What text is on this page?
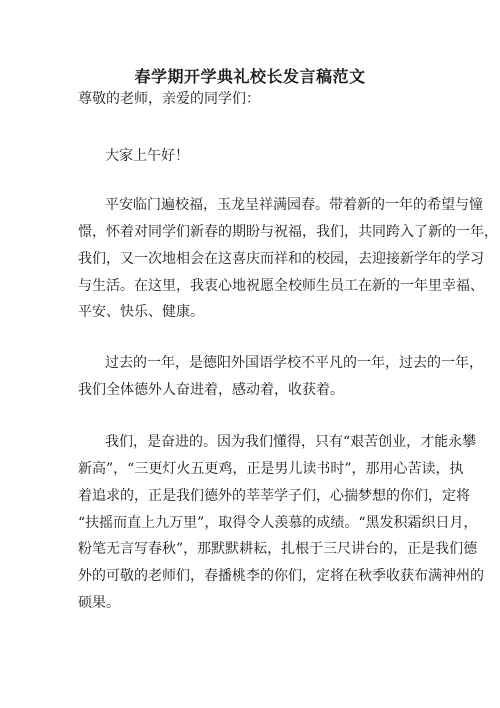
春学期开学典礼校长发言稿范文
尊敬的老师，亲爱的同学们：
大家上午好！
平安临门遍校福，玉龙呈祥满园春。带着新的一年的希望与憧
憬，怀着对同学们新春的期盼与祝福，我们，共同跨入了新的一年，
我们，又一次地相会在这喜庆而祥和的校园，去迎接新学年的学习
与生活。在这里，我衷心地祝愿全校师生员工在新的一年里幸福、
平安、快乐、健康。
过去的一年，是德阳外国语学校不平凡的一年，过去的一年，
我们全体德外人奋进着，感动着，收获着。
我们，是奋进的。因为我们懂得，只有“艰苦创业，才能永攀
新高”，“三更灯火五更鸡，正是男儿读书时”，那用心苦读，执
着追求的，正是我们德外的莘莘学子们，心揣梦想的你们，定将
“扶摇而直上九万里”，取得令人羡慕的成绩。“黑发积霜织日月，
粉笔无言写春秋”，那默默耕耘，扎根于三尺讲台的，正是我们德
外的可敬的老师们，春播桃李的你们，定将在秋季收获布满神州的
硕果。
